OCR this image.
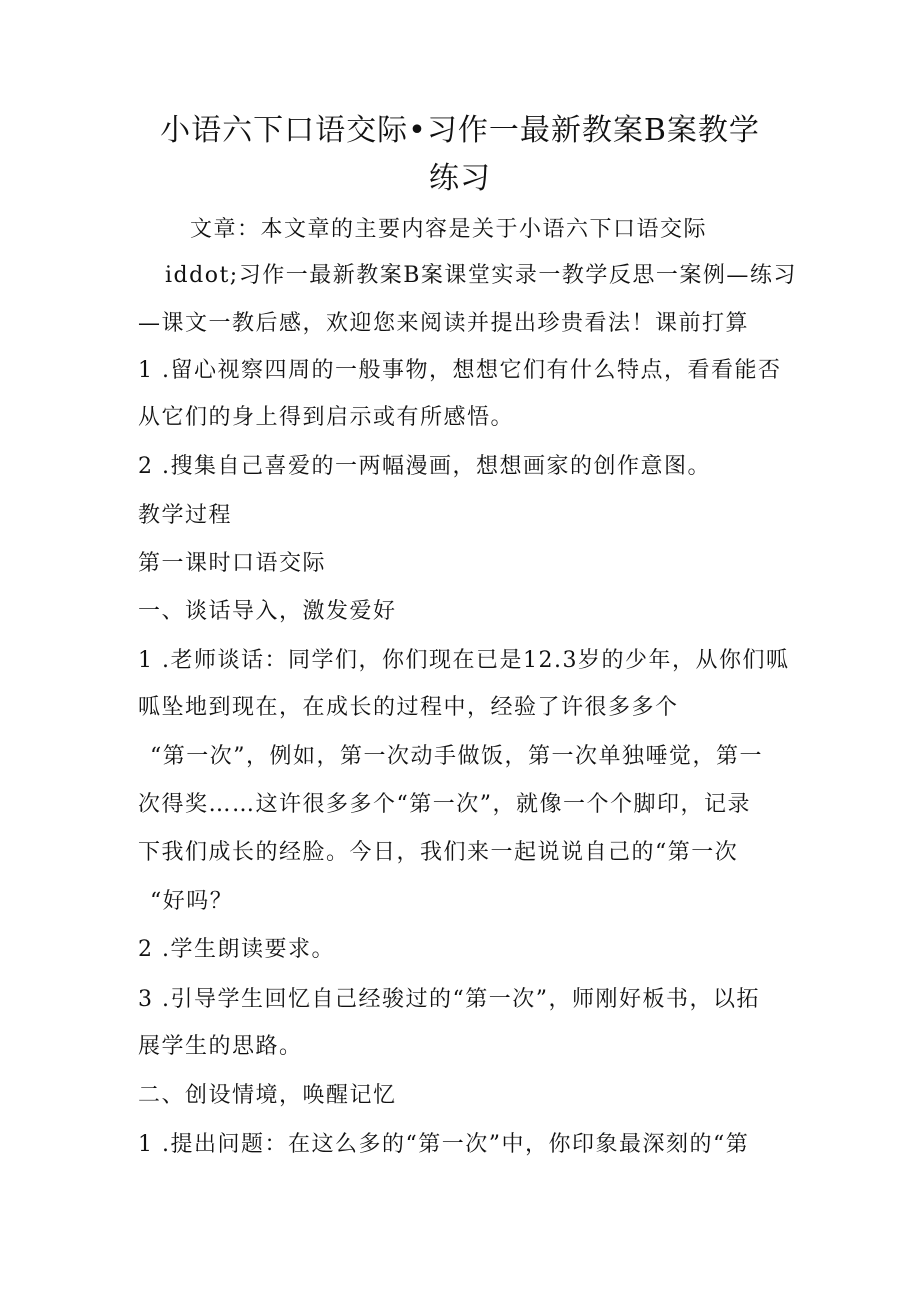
小语六下口语交际•习作一最新教案B案教学
练习
文章：本文章的主要内容是关于小语六下口语交际
iddot;习作一最新教案B案课堂实录一教学反思一案例—练习
—课文一教后感，欢迎您来阅读并提出珍贵看法！课前打算
1 .留心视察四周的一般事物，想想它们有什么特点，看看能否
从它们的身上得到启示或有所感悟。
2 .搜集自己喜爱的一两幅漫画，想想画家的创作意图。
教学过程
第一课时口语交际
一、谈话导入，激发爱好
1 .老师谈话：同学们，你们现在已是12.3岁的少年，从你们呱
呱坠地到现在，在成长的过程中，经验了许很多多个
“第一次”，例如，第一次动手做饭，第一次单独唾觉，第一
次得奖……这许很多多个“第一次”，就像一个个脚印，记录
下我们成长的经脸。今日，我们来一起说说自己的“第一次
“好吗？
2 .学生朗读要求。
3 .引导学生回忆自己经骏过的“第一次”，师刚好板书，以拓
展学生的思路。
二、创设情境，唤醒记忆
1 .提出问题：在这么多的“第一次”中，你印象最深刻的“第
